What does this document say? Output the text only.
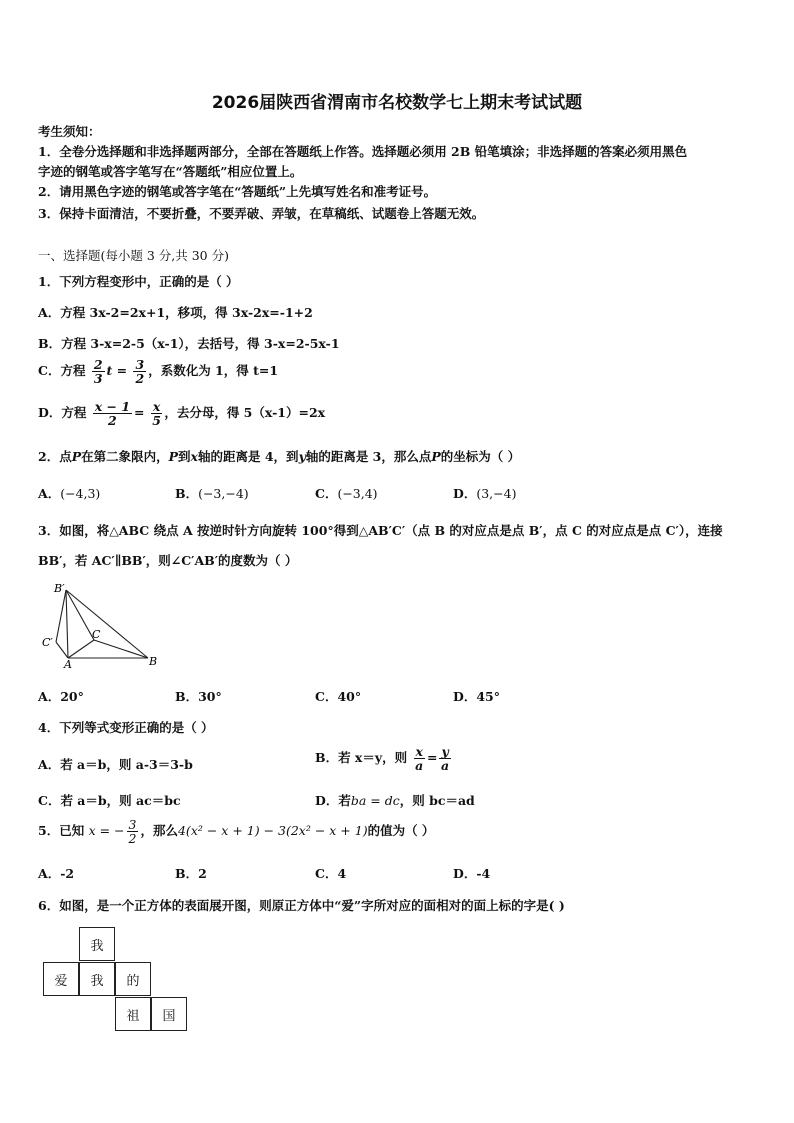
2026届陕西省渭南市名校数学七上期末考试试题
考生须知：
1．全卷分选择题和非选择题两部分，全部在答题纸上作答。选择题必须用 2B 铅笔填涂；非选择题的答案必须用黑色
字迹的钢笔或答字笔写在“答题纸”相应位置上。
2．请用黑色字迹的钢笔或答字笔在“答题纸”上先填写姓名和准考证号。
3．保持卡面清洁，不要折叠，不要弄破、弄皱，在草稿纸、试题卷上答题无效。
一、选择题(每小题 3 分,共 30 分)
1．下列方程变形中，正确的是（ ）
A．方程 3x-2=2x+1，移项，得 3x-2x=-1+2
B．方程 3-x=2-5（x-1），去括号，得 3-x=2-5x-1
C．方程 $\frac{2}{3}$ $t = \frac{3}{2}$ ，系数化为 1，得 t=1
D．方程 $\frac{x - 1}{2} = \frac{x}{5}$ ，去分母，得 5（x-1）=2x
2．点P在第二象限内，P到x轴的距离是 4，到y轴的距离是 3，那么点P的坐标为（ ）
A．(−4,3)	B．(−3,−4)	C．(−3,4)	D．(3,−4)
3．如图，将△ABC 绕点 A 按逆时针方向旋转 100°得到△AB′C′（点 B 的对应点是点 B′，点 C 的对应点是点 C′），连接
BB′，若 AC′∥BB′，则∠C′AB′的度数为（ ）
B′
C′
C
A	B
A．20°	B．30°	C．40°	D．45°
4．下列等式变形正确的是（ ）
A．若 a＝b，则 a-3＝3-b	B．若 x＝y，则 $\frac{x}{a} = \frac{y}{a}$
C．若 a＝b，则 ac＝bc	D．若ba = dc，则 bc＝ad
5．已知 x = − $\frac{3}{2}$ ，那么4(x² − x + 1) − 3(2x² − x + 1)的值为（ ）
A．-2	B．2	C．4	D．-4
6．如图，是一个正方体的表面展开图，则原正方体中“爱”字所对应的面相对的面上标的字是( )
我
爱	我	的
祖	国
